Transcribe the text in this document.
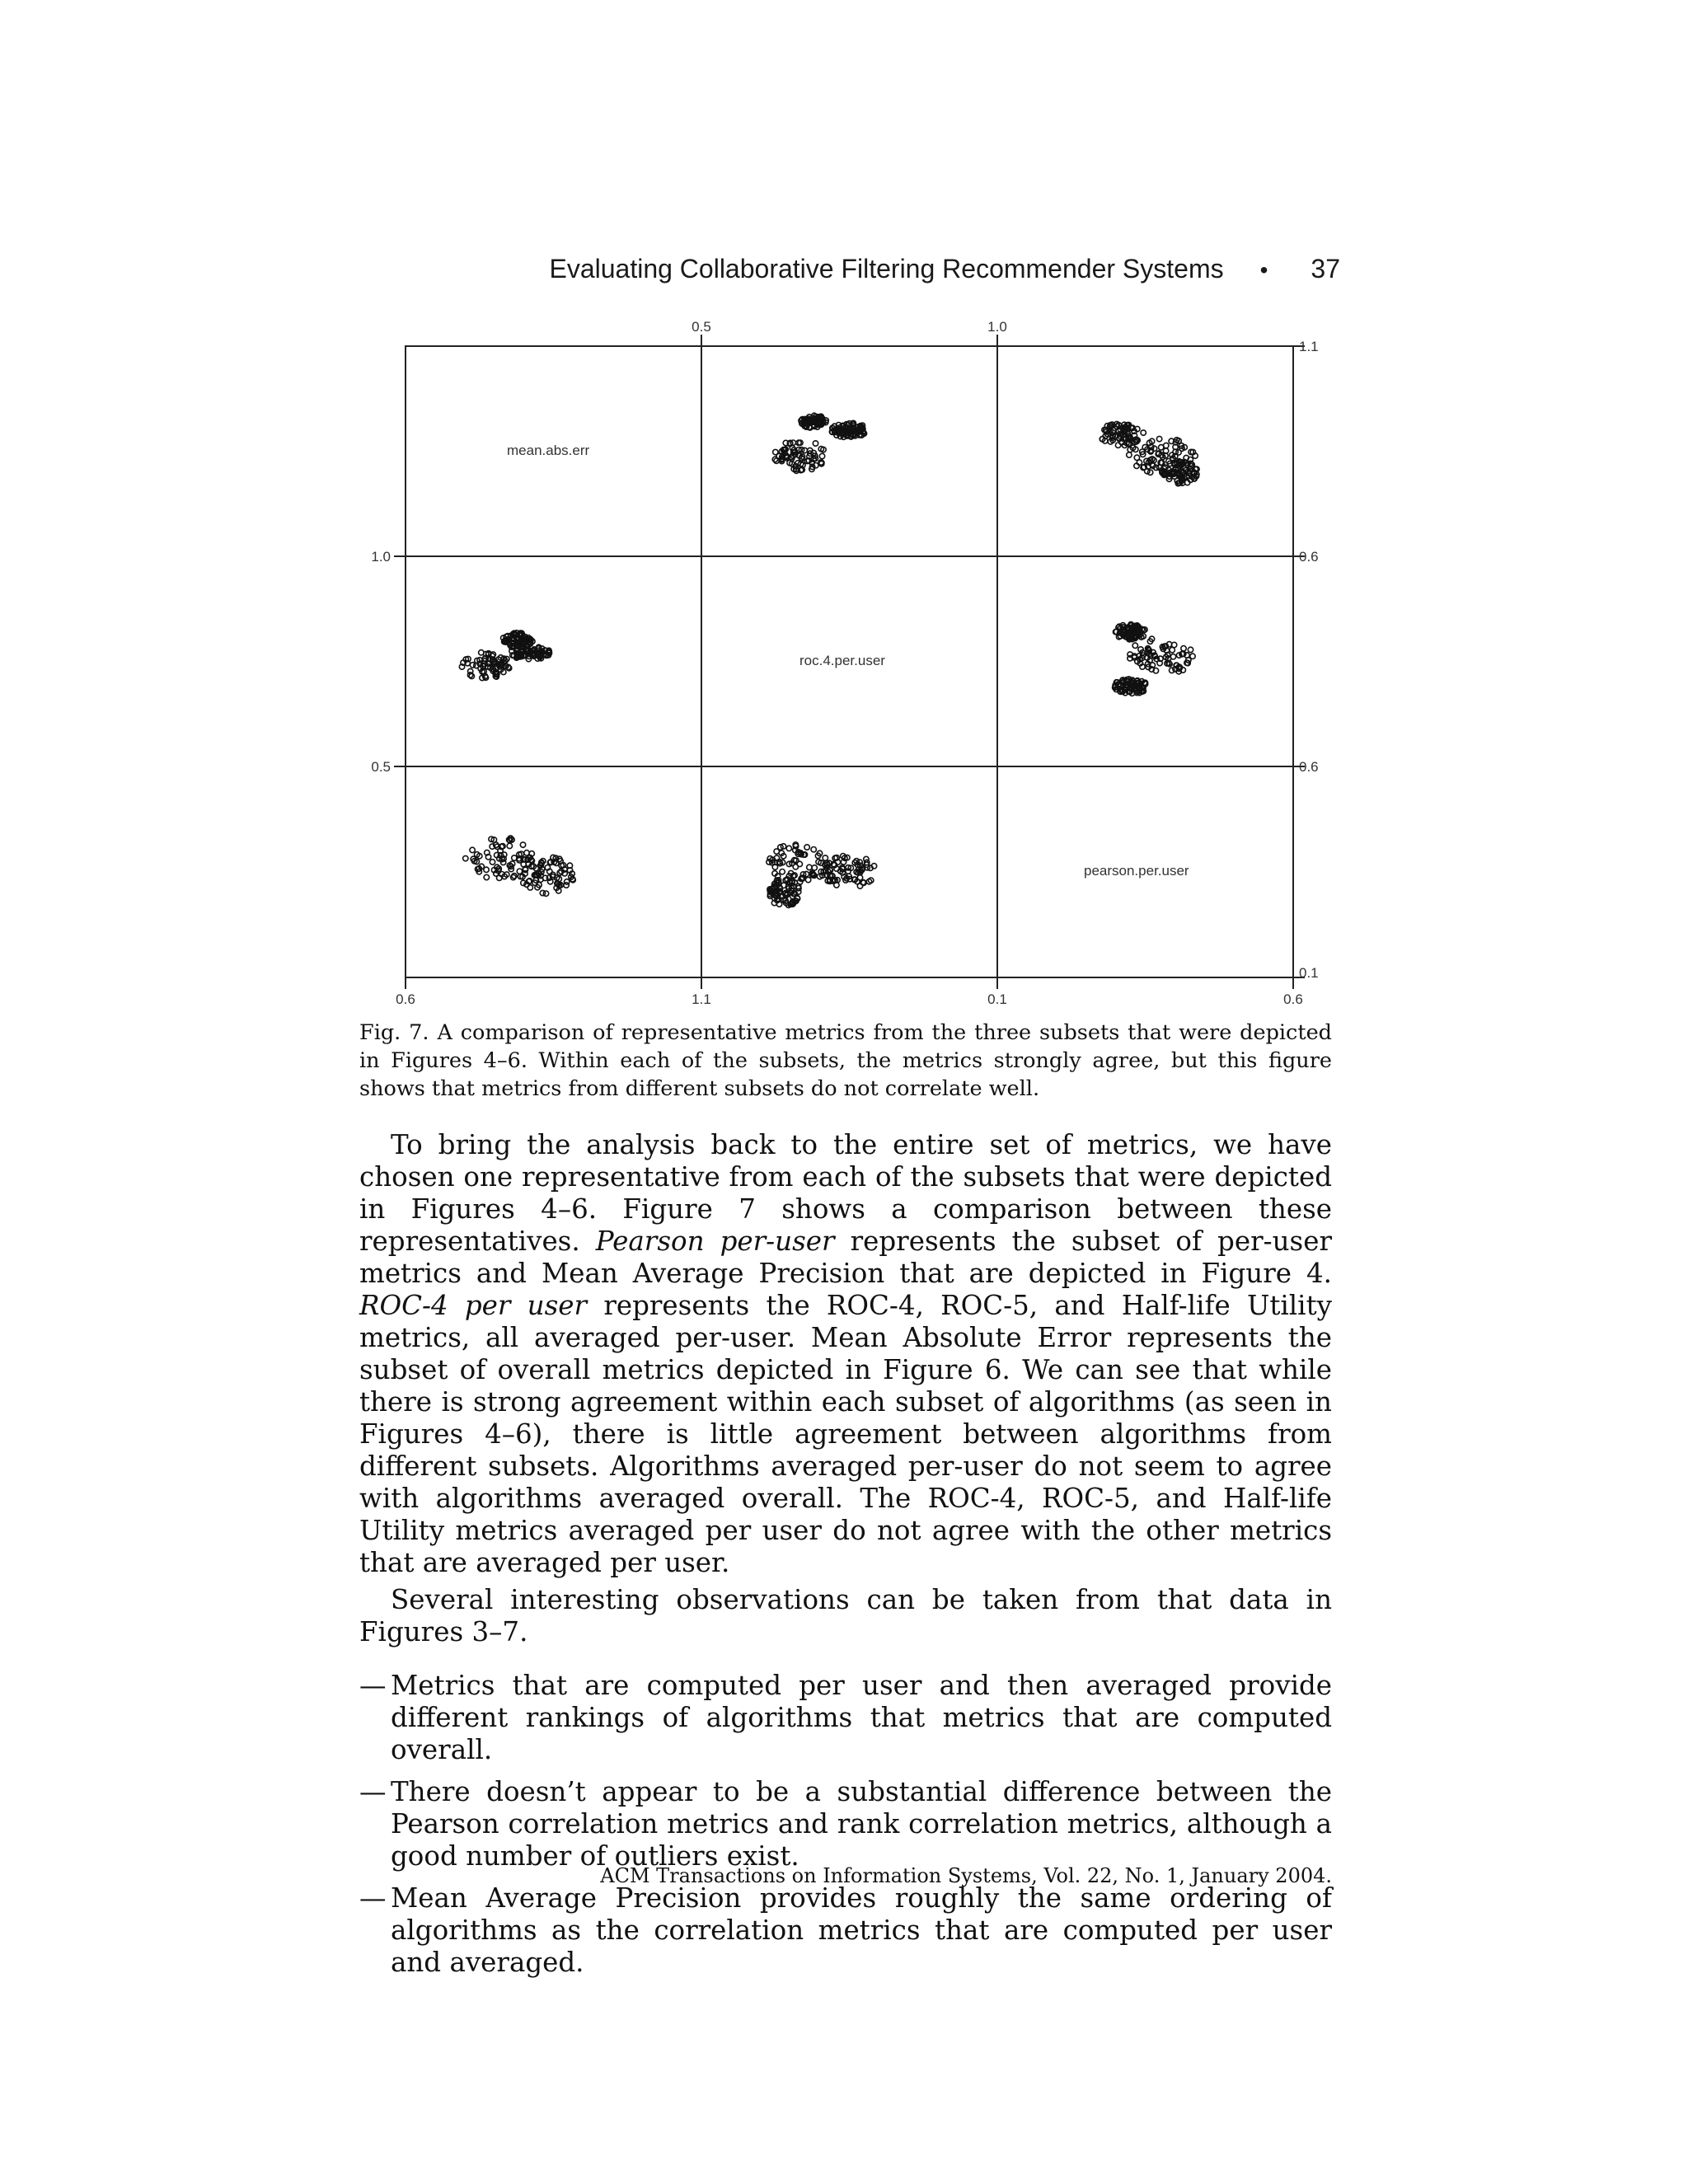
Evaluating Collaborative Filtering Recommender Systems • 37
0.5	1.0
0.6	1.1	0.1	0.6
1.0
0.5
1.1
0.6
0.6
0.1
mean.abs.err
roc.4.per.user
pearson.per.user
Fig. 7. A comparison of representative metrics from the three subsets that were depicted in Figures 4–6. Within each of the subsets, the metrics strongly agree, but this figure shows that metrics from different subsets do not correlate well.

To bring the analysis back to the entire set of metrics, we have chosen one representative from each of the subsets that were depicted in Figures 4–6. Figure 7 shows a comparison between these representatives. Pearson per-user represents the subset of per-user metrics and Mean Average Precision that are depicted in Figure 4. ROC-4 per user represents the ROC-4, ROC-5, and Half-life Utility metrics, all averaged per-user. Mean Absolute Error represents the subset of overall metrics depicted in Figure 6. We can see that while there is strong agreement within each subset of algorithms (as seen in Figures 4–6), there is little agreement between algorithms from different subsets. Algorithms averaged per-user do not seem to agree with algorithms averaged overall. The ROC-4, ROC-5, and Half-life Utility metrics averaged per user do not agree with the other metrics that are averaged per user.

Several interesting observations can be taken from that data in Figures 3–7.

— Metrics that are computed per user and then averaged provide different rankings of algorithms that metrics that are computed overall.
— There doesn’t appear to be a substantial difference between the Pearson correlation metrics and rank correlation metrics, although a good number of outliers exist.
— Mean Average Precision provides roughly the same ordering of algorithms as the correlation metrics that are computed per user and averaged.
ACM Transactions on Information Systems, Vol. 22, No. 1, January 2004.
